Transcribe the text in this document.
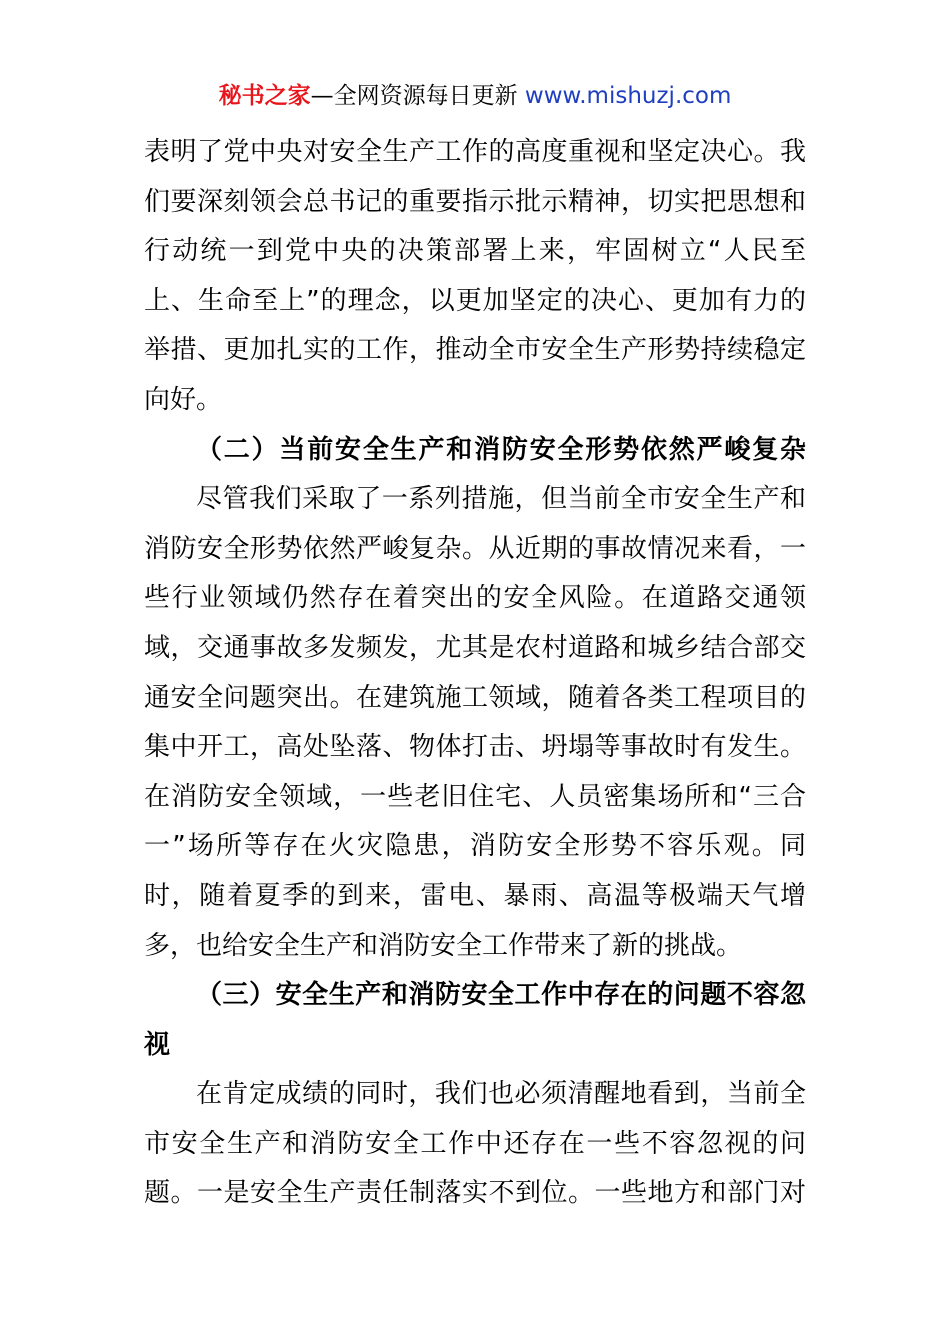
秘书之家—全网资源每日更新 www.mishuzj.com
表明了党中央对安全生产工作的高度重视和坚定决心。我
们要深刻领会总书记的重要指示批示精神，切实把思想和
行动统一到党中央的决策部署上来，牢固树立“人民至
上、生命至上”的理念，以更加坚定的决心、更加有力的
举措、更加扎实的工作，推动全市安全生产形势持续稳定
向好。
（二）当前安全生产和消防安全形势依然严峻复杂
尽管我们采取了一系列措施，但当前全市安全生产和
消防安全形势依然严峻复杂。从近期的事故情况来看，一
些行业领域仍然存在着突出的安全风险。在道路交通领
域，交通事故多发频发，尤其是农村道路和城乡结合部交
通安全问题突出。在建筑施工领域，随着各类工程项目的
集中开工，高处坠落、物体打击、坍塌等事故时有发生。
在消防安全领域，一些老旧住宅、人员密集场所和“三合
一”场所等存在火灾隐患，消防安全形势不容乐观。同
时，随着夏季的到来，雷电、暴雨、高温等极端天气增
多，也给安全生产和消防安全工作带来了新的挑战。
（三）安全生产和消防安全工作中存在的问题不容忽
视
在肯定成绩的同时，我们也必须清醒地看到，当前全
市安全生产和消防安全工作中还存在一些不容忽视的问
题。一是安全生产责任制落实不到位。一些地方和部门对
